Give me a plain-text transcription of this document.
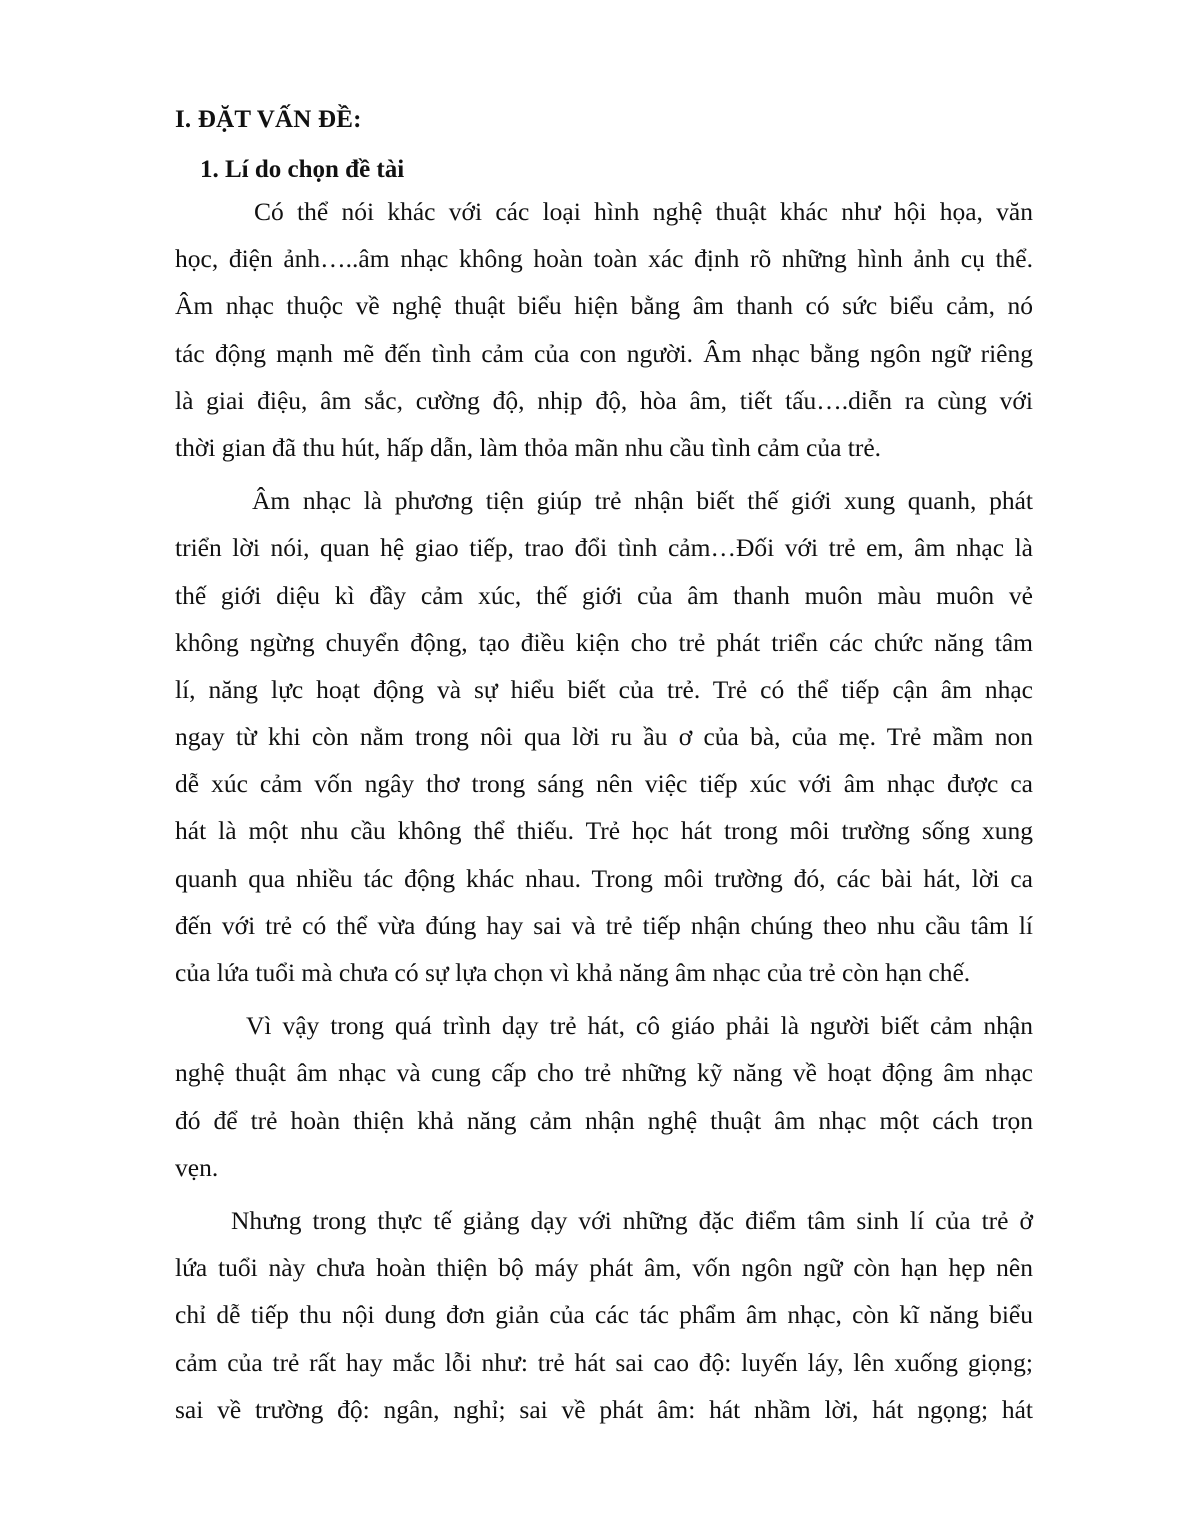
I. ĐẶT VẤN ĐỀ:
1. Lí do chọn đề tài
Có thể nói khác với các loại hình nghệ thuật khác như hội họa, văn
học, điện ảnh…..âm nhạc không hoàn toàn xác định rõ những hình ảnh cụ thể.
Âm nhạc thuộc về nghệ thuật biểu hiện bằng âm thanh có sức biểu cảm, nó
tác động mạnh mẽ đến tình cảm của con người. Âm nhạc bằng ngôn ngữ riêng
là giai điệu, âm sắc, cường độ, nhịp độ, hòa âm, tiết tấu….diễn ra cùng với
thời gian đã thu hút, hấp dẫn, làm thỏa mãn nhu cầu tình cảm của trẻ.
Âm nhạc là phương tiện giúp trẻ nhận biết thế giới xung quanh, phát
triển lời nói, quan hệ giao tiếp, trao đổi tình cảm…Đối với trẻ em, âm nhạc là
thế giới diệu kì đầy cảm xúc, thế giới của âm thanh muôn màu muôn vẻ
không ngừng chuyển động, tạo điều kiện cho trẻ phát triển các chức năng tâm
lí, năng lực hoạt động và sự hiểu biết của trẻ. Trẻ có thể tiếp cận âm nhạc
ngay từ khi còn nằm trong nôi qua lời ru ầu ơ của bà, của mẹ. Trẻ mầm non
dễ xúc cảm vốn ngây thơ trong sáng nên việc tiếp xúc với âm nhạc được ca
hát là một nhu cầu không thể thiếu. Trẻ học hát trong môi trường sống xung
quanh qua nhiều tác động khác nhau. Trong môi trường đó, các bài hát, lời ca
đến với trẻ có thể vừa đúng hay sai và trẻ tiếp nhận chúng theo nhu cầu tâm lí
của lứa tuổi mà chưa có sự lựa chọn vì khả năng âm nhạc của trẻ còn hạn chế.
Vì vậy trong quá trình dạy trẻ hát, cô giáo phải là người biết cảm nhận
nghệ thuật âm nhạc và cung cấp cho trẻ những kỹ năng về hoạt động âm nhạc
đó để trẻ hoàn thiện khả năng cảm nhận nghệ thuật âm nhạc một cách trọn
vẹn.
Nhưng trong thực tế giảng dạy với những đặc điểm tâm sinh lí của trẻ ở
lứa tuổi này chưa hoàn thiện bộ máy phát âm, vốn ngôn ngữ còn hạn hẹp nên
chỉ dễ tiếp thu nội dung đơn giản của các tác phẩm âm nhạc, còn kĩ năng biểu
cảm của trẻ rất hay mắc lỗi như: trẻ hát sai cao độ: luyến láy, lên xuống giọng;
sai về trường độ: ngân, nghỉ; sai về phát âm: hát nhầm lời, hát ngọng; hát
